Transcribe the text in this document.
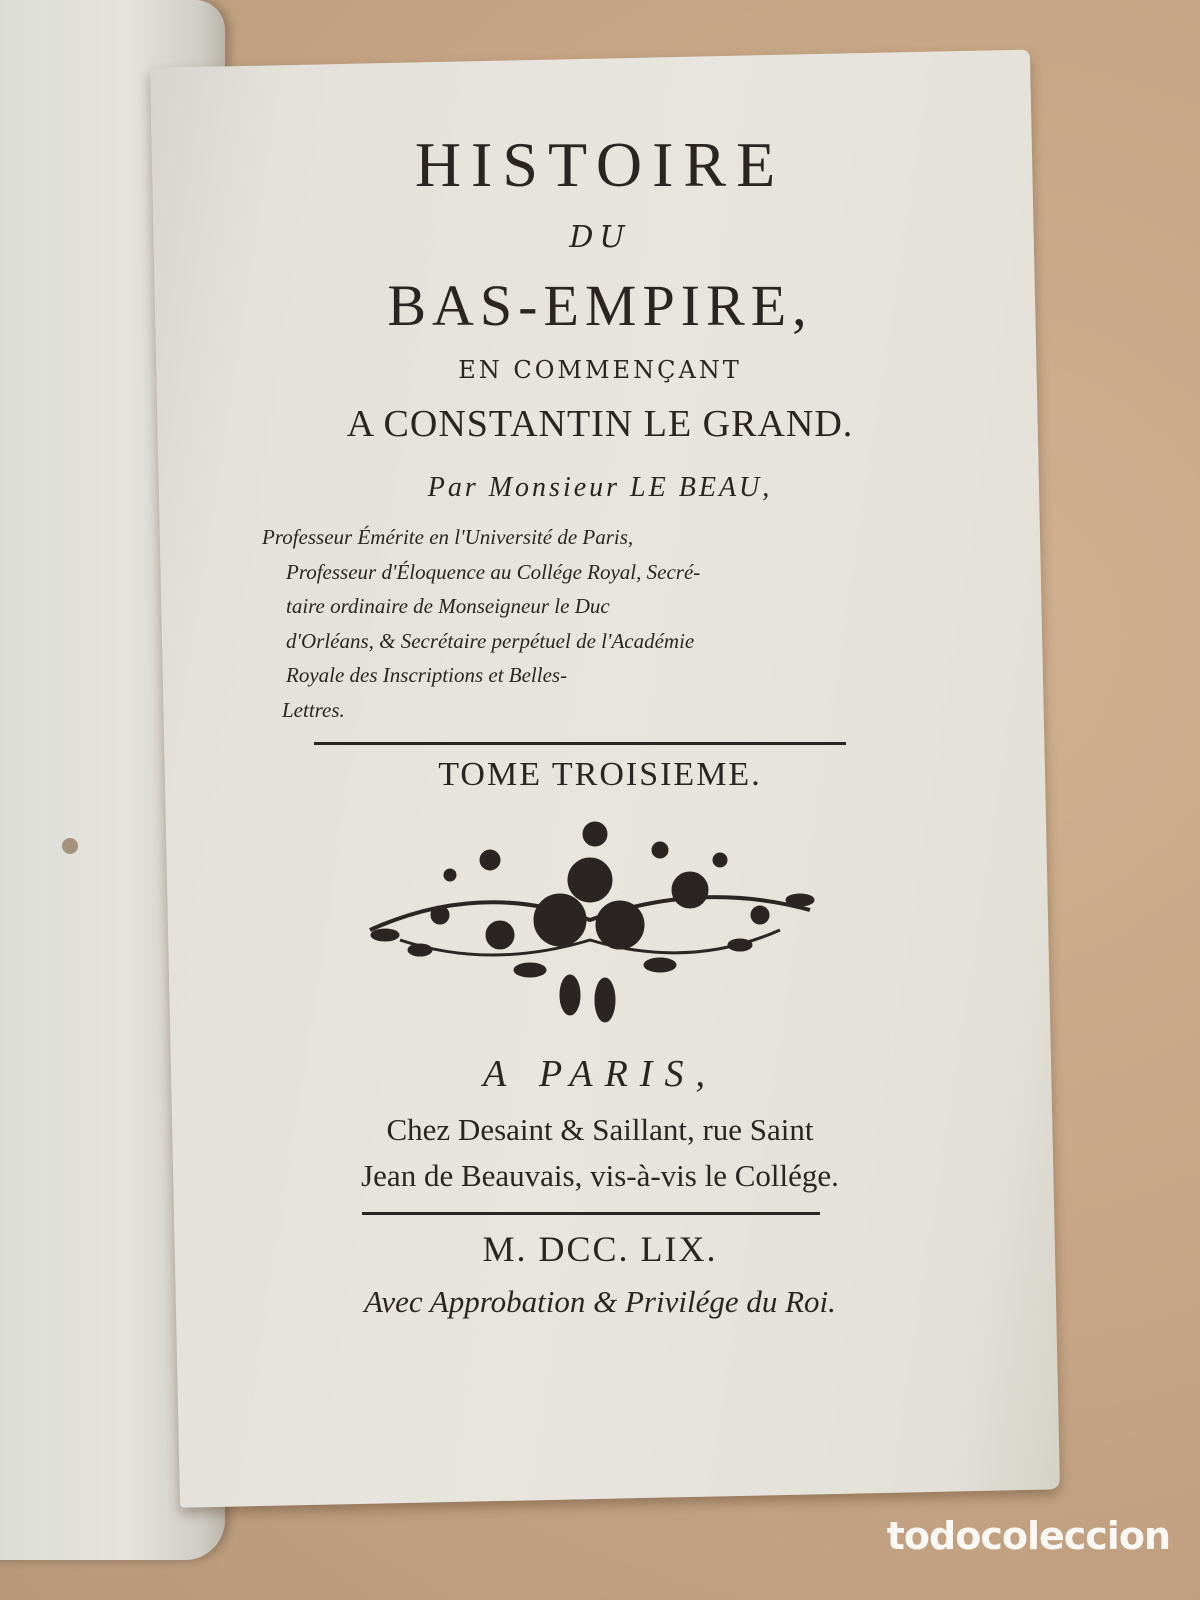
HISTOIRE
DU
BAS-EMPIRE,
EN COMMENÇANT
A CONSTANTIN LE GRAND.
Par Monsieur LE BEAU,
Professeur Émérite en l'Université de Paris,
Professeur d'Éloquence au Collége Royal, Secré-
taire ordinaire de Monseigneur le Duc
d'Orléans, & Secrétaire perpétuel de l'Académie
Royale des Inscriptions et Belles-
Lettres.
TOME TROISIEME.
A PARIS,
Chez Desaint & Saillant, rue Saint
Jean de Beauvais, vis-à-vis le Collége.
M. DCC. LIX.
Avec Approbation & Privilége du Roi.
todocoleccion
